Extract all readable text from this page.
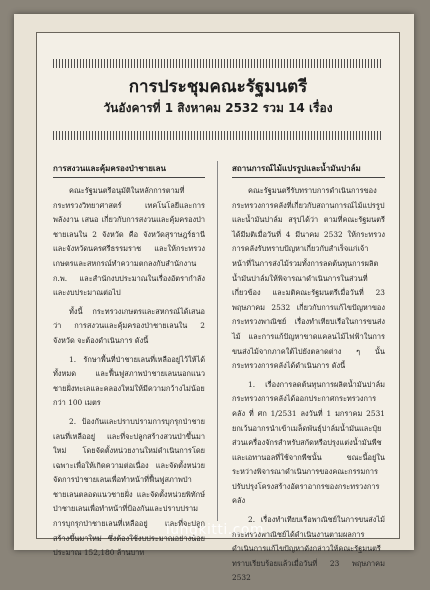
การประชุมคณะรัฐมนตรี
วันอังคารที่ 1 สิงหาคม 2532 รวม 14 เรื่อง
การสงวนและคุ้มครองป่าชายเลน

คณะรัฐมนตรีอนุมัติในหลักการตามที่กระทรวงวิทยาศาสตร์ เทคโนโลยีและการพลังงาน เสนอ เกี่ยวกับการสงวนและคุ้มครองป่าชายเลนใน 2 จังหวัด คือ จังหวัดสุราษฎร์ธานี และจังหวัดนครศรีธรรมราช และให้กระทรวงเกษตรและสหกรณ์ทำความตกลงกับสำนักงาน ก.พ. และสำนักงบประมาณในเรื่องอัตรากำลังและงบประมาณต่อไป

ทั้งนี้ กระทรวงเกษตรและสหกรณ์ได้เสนอว่า การสงวนและคุ้มครองป่าชายเลนใน 2 จังหวัด จะต้องดำเนินการ ดังนี้

1. รักษาพื้นที่ป่าชายเลนที่เหลืออยู่ไว้ให้ได้ทั้งหมด และฟื้นฟูสภาพป่าชายเลนนอกแนวชายฝั่งทะเลและคลองใหม่ให้มีความกว้างไม่น้อยกว่า 100 เมตร

2. ป้องกันและปราบปรามการบุกรุกป่าชายเลนที่เหลืออยู่ และที่จะปลูกสร้างสวนป่าขึ้นมาใหม่ โดยจัดตั้งหน่วยงานใหม่ดำเนินการโดยเฉพาะเพื่อให้เกิดความต่อเนื่อง และจัดตั้งหน่วยจัดการป่าชายเลนเพื่อทำหน้าที่ฟื้นฟูสภาพป่าชายเลนตลอดแนวชายฝั่ง และจัดตั้งหน่วยพิทักษ์ป่าชายเลนเพื่อทำหน้าที่ป้องกันและปราบปรามการบุกรุกป่าชายเลนที่เหลืออยู่ และที่จะปลูกสร้างขึ้นมาใหม่ ซึ่งต้องใช้งบประมาณอย่างน้อยประมาณ 152,180 ล้านบาท

สถานการณ์ไม้แปรรูปและน้ำมันปาล์ม

คณะรัฐมนตรีรับทราบการดำเนินการของกระทรวงการคลังที่เกี่ยวกับสถานการณ์ไม้แปรรูปและน้ำมันปาล์ม สรุปได้ว่า ตามที่คณะรัฐมนตรีได้มีมติเมื่อวันที่ 4 มีนาคม 2532 ให้กระทรวงการคลังรับทราบปัญหาเกี่ยวกับสำเร็จแก่เจ้าหน้าที่ในการส่งไม้รวมทั้งการลดต้นทุนการผลิตน้ำมันปาล์มให้พิจารณาดำเนินการในส่วนที่เกี่ยวข้อง และมติคณะรัฐมนตรีเมื่อวันที่ 23 พฤษภาคม 2532 เกี่ยวกับการแก้ไขปัญหาของกระทรวงพาณิชย์ เรื่องทำเทียบเรือในการขนส่งไม้ และการแก้ปัญหาขาดแคลนไม้ไฟฟ้าในการขนส่งไม้จากภาคใต้ไปยังตลาดต่าง ๆ นั้น กระทรวงการคลังได้ดำเนินการ ดังนี้

1. เรื่องการลดต้นทุนการผลิตน้ำมันปาล์ม กระทรวงการคลังได้ออกประกาศกระทรวงการคลัง ที่ ศก 1/2531 ลงวันที่ 1 มกราคม 2531 ยกเว้นอากรนำเข้าเมล็ดพันธุ์ปาล์มน้ำมันและปุ๋ย ส่วนเครื่องจักรสำหรับสกัดหรือปรุงแต่งน้ำมันพืชและเอทานอลที่ใช้จากพืชนั้น ขณะนี้อยู่ในระหว่างพิจารณาดำเนินการของคณะกรรมการปรับปรุงโครงสร้างอัตราอากรของกระทรวงการคลัง

2. เรื่องทำเทียบเรือพาณิชย์ในการขนส่งไม้ กระทรวงพาณิชย์ได้ดำเนินงานตามผลการดำเนินการแก้ไขปัญหาดังกล่าวให้คณะรัฐมนตรีทราบเรียบร้อยแล้วเมื่อวันที่ 23 พฤษภาคม 2532

lungkitti.com
